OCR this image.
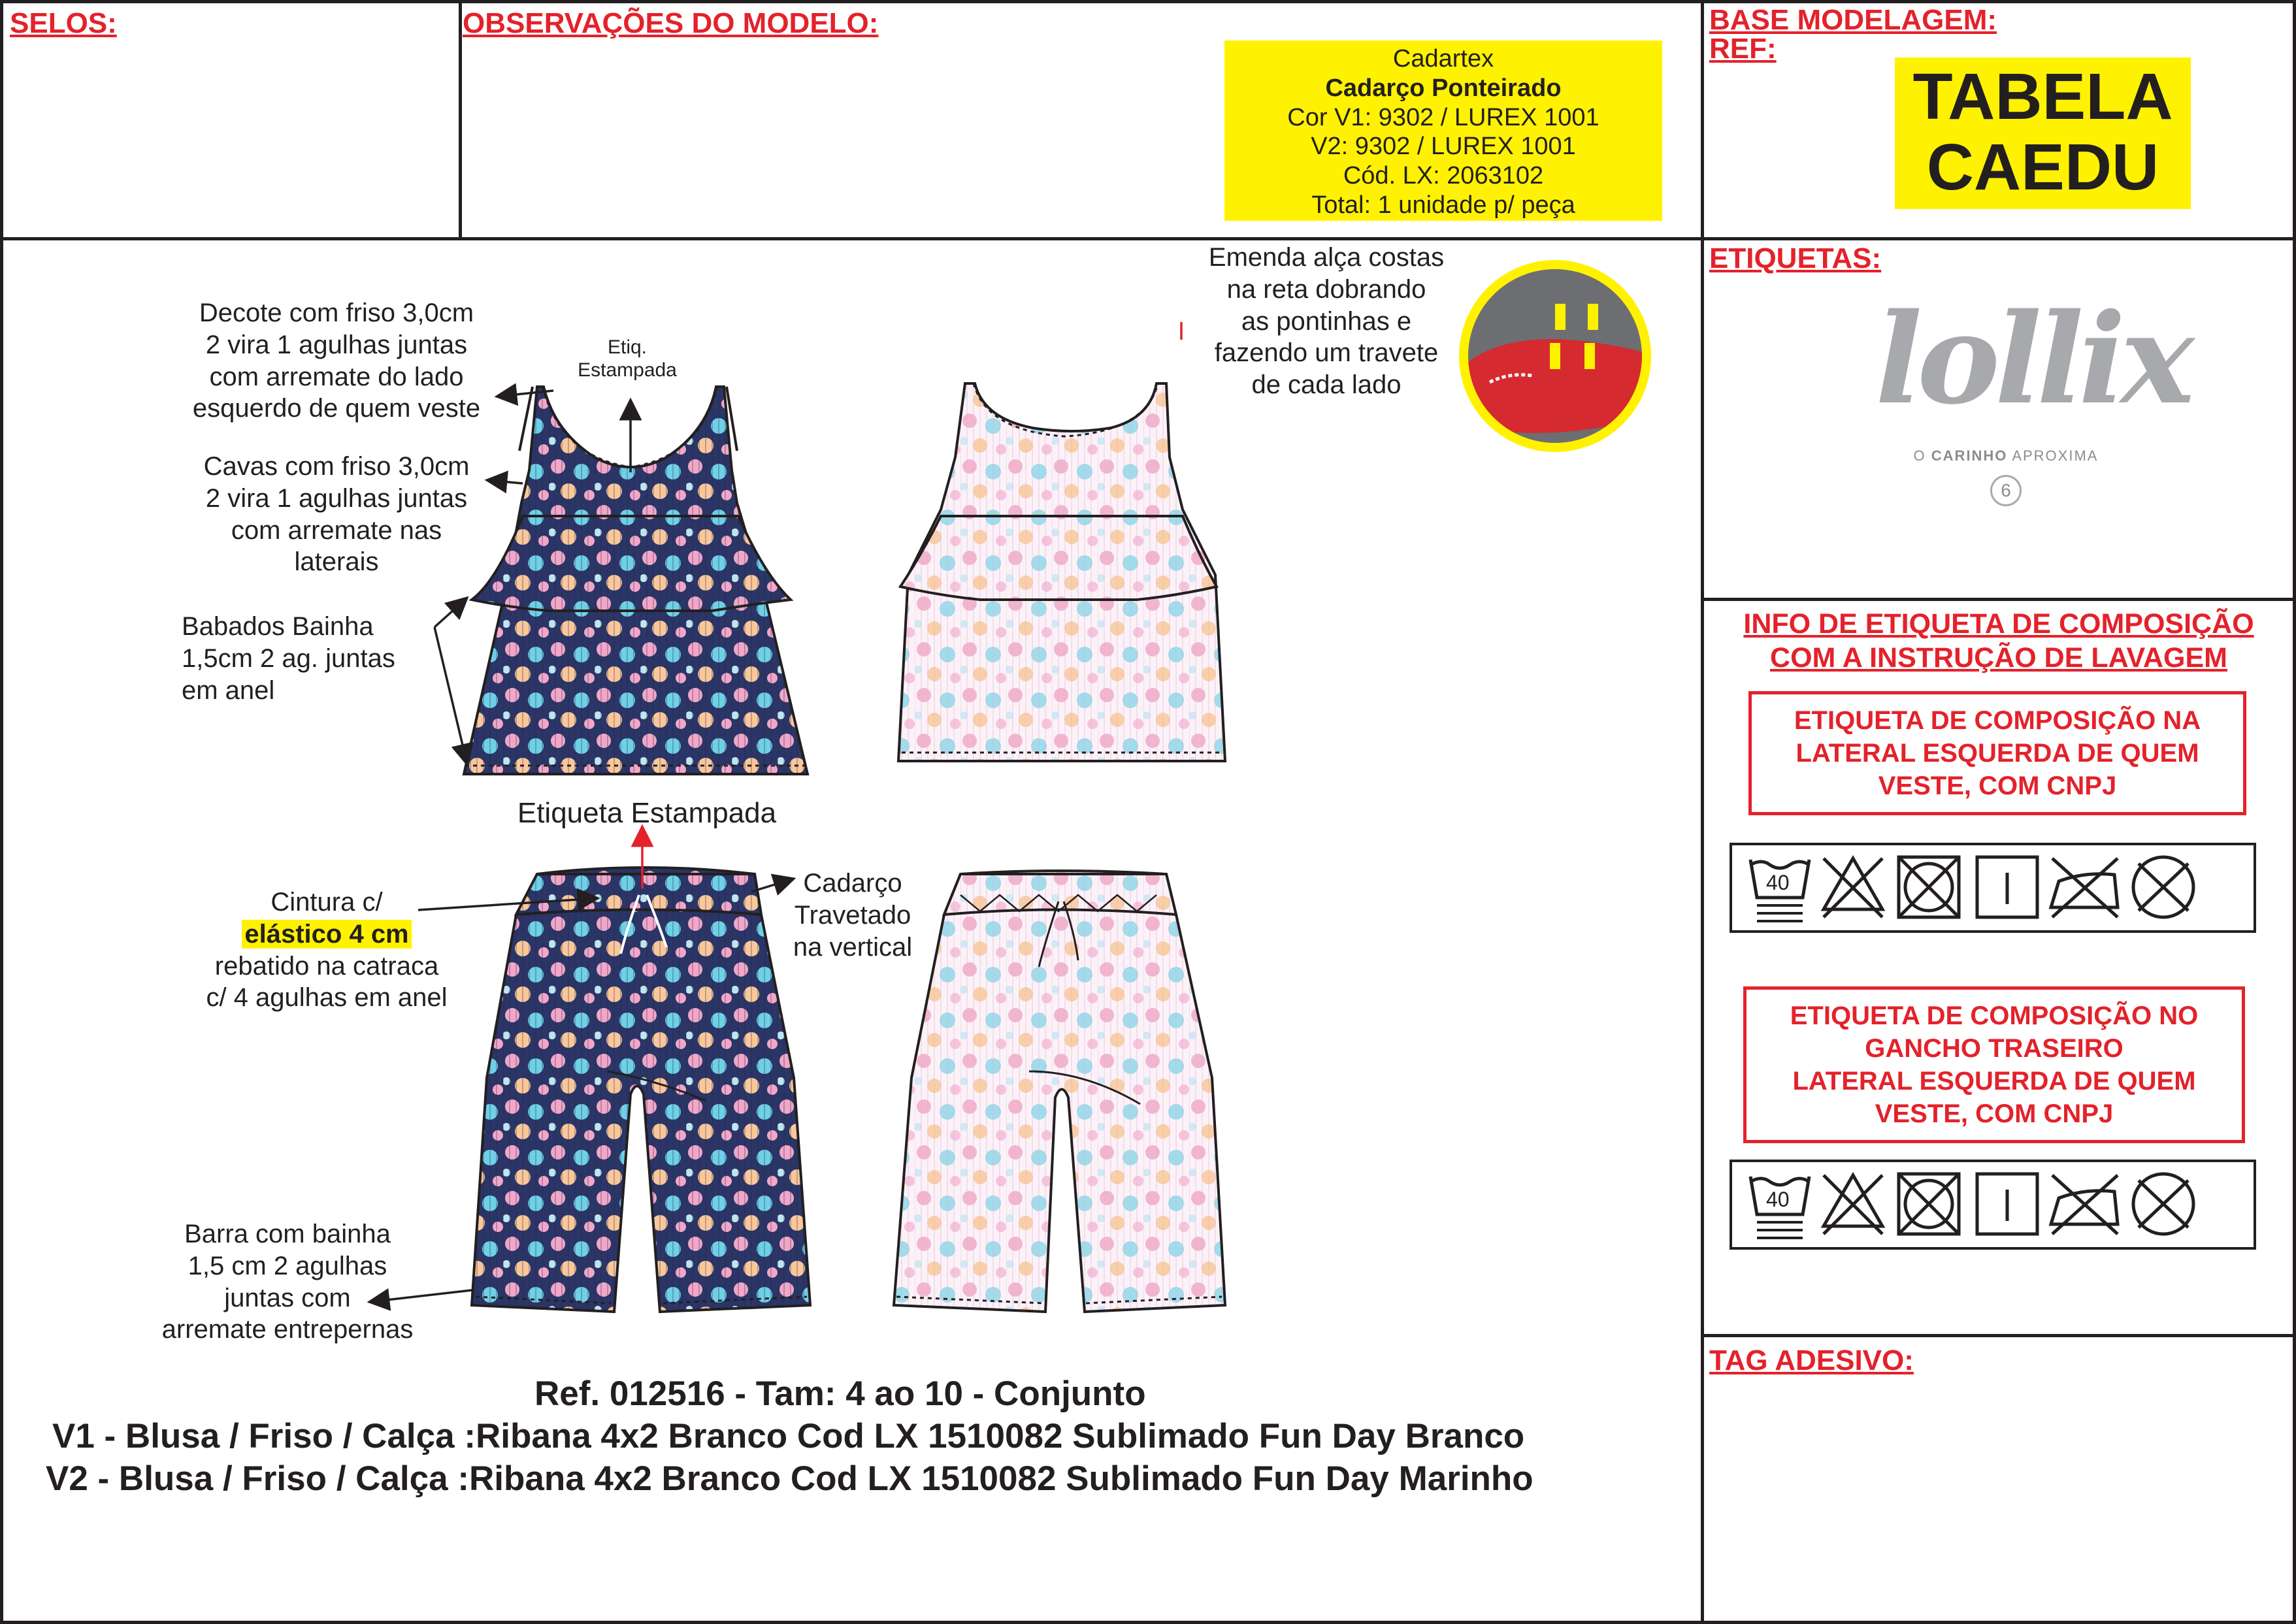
SELOS:	OBSERVAÇÕES DO MODELO:
Cadartex
Cadarço Ponteirado
Cor V1: 9302 / LUREX 1001
V2: 9302 / LUREX 1001
Cód. LX: 2063102
Total: 1 unidade p/ peça
BASE MODELAGEM:
REF:
TABELA
CAEDU
Decote com friso 3,0cm
2 vira 1 agulhas juntas
com arremate do lado
esquerdo de quem veste
Etiq.
Estampada
Cavas com friso 3,0cm
2 vira 1 agulhas juntas
com arremate nas
laterais
Babados Bainha
1,5cm 2 ag. juntas
em anel
Emenda alça costas
na reta dobrando
as pontinhas e
fazendo um travete
de cada lado
Etiqueta Estampada
Cintura c/
elástico 4 cm
rebatido na catraca
c/ 4 agulhas em anel
Cadarço
Travetado
na vertical
Barra com bainha
1,5 cm 2 agulhas
juntas com
arremate entrepernas
Ref. 012516 - Tam: 4 ao 10 - Conjunto
V1 - Blusa / Friso / Calça :Ribana 4x2 Branco Cod LX 1510082 Sublimado Fun Day Branco
V2 - Blusa / Friso / Calça :Ribana 4x2 Branco Cod LX 1510082 Sublimado Fun Day Marinho
ETIQUETAS:
lollix
O CARINHO APROXIMA
6
INFO DE ETIQUETA DE COMPOSIÇÃO
COM A INSTRUÇÃO DE LAVAGEM
ETIQUETA DE COMPOSIÇÃO NA
LATERAL ESQUERDA DE QUEM
VESTE, COM CNPJ
40
ETIQUETA DE COMPOSIÇÃO NO
GANCHO TRASEIRO
LATERAL ESQUERDA DE QUEM
VESTE, COM CNPJ
40
TAG ADESIVO:
